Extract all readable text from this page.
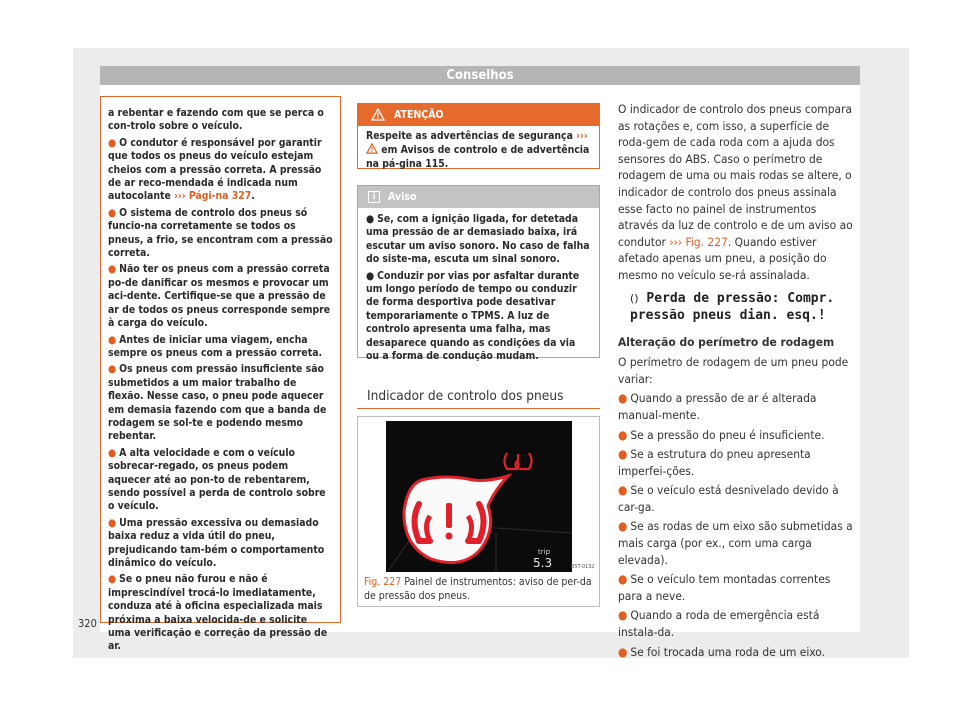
Conselhos

a rebentar e fazendo com que se perca o con-trolo sobre o veículo.

● O condutor é responsável por garantir que todos os pneus do veículo estejam cheios com a pressão correta. A pressão de ar reco-mendada é indicada num autocolante ››› Pági-na 327.

● O sistema de controlo dos pneus só funcio-na corretamente se todos os pneus, a frio, se encontram com a pressão correta.

● Não ter os pneus com a pressão correta po-de danificar os mesmos e provocar um aci-dente. Certifique-se que a pressão de ar de todos os pneus corresponde sempre à carga do veículo.

● Antes de iniciar uma viagem, encha sempre os pneus com a pressão correta.

● Os pneus com pressão insuficiente são submetidos a um maior trabalho de flexão. Nesse caso, o pneu pode aquecer em demasia fazendo com que a banda de rodagem se sol-te e podendo mesmo rebentar.

● A alta velocidade e com o veículo sobrecar-regado, os pneus podem aquecer até ao pon-to de rebentarem, sendo possível a perda de controlo sobre o veículo.

● Uma pressão excessiva ou demasiado baixa reduz a vida útil do pneu, prejudicando tam-bém o comportamento dinâmico do veículo.

● Se o pneu não furou e não é imprescindível trocá-lo imediatamente, conduza até à oficina especializada mais próxima a baixa velocida-de e solicite uma verificação e correção da pressão de ar.

ATENÇÃO
Respeite as advertências de segurança ›››  em Avisos de controlo e de advertência na pá-gina 115.
i	Aviso

● Se, com a ignição ligada, for detetada uma pressão de ar demasiado baixa, irá escutar um aviso sonoro. No caso de falha do siste-ma, escuta um sinal sonoro.

● Conduzir por vias por asfaltar durante um longo período de tempo ou conduzir de forma desportiva pode desativar temporariamente o TPMS. A luz de controlo apresenta uma falha, mas desaparece quando as condições da via ou a forma de condução mudam.

Indicador de controlo dos pneus
trip
5.3	B5T-0132
Fig. 227 Painel de instrumentos: aviso de per-da de pressão dos pneus.

O indicador de controlo dos pneus compara as rotações e, com isso, a superfície de roda-gem de cada roda com a ajuda dos sensores do ABS. Caso o perímetro de rodagem de uma ou mais rodas se altere, o indicador de controlo dos pneus assinala esse facto no painel de instrumentos através da luz de controlo e de um aviso ao condutor ››› Fig. 227. Quando estiver afetado apenas um pneu, a posição do mesmo no veículo se-rá assinalada.

() Perda de pressão: Compr.
pressão pneus dian. esq.!

Alteração do perímetro de rodagem

O perímetro de rodagem de um pneu pode variar:

● Quando a pressão de ar é alterada manual-mente.

● Se a pressão do pneu é insuficiente.

● Se a estrutura do pneu apresenta imperfei-ções.

● Se o veículo está desnivelado devido à car-ga.

● Se as rodas de um eixo são submetidas a mais carga (por ex., com uma carga elevada).

● Se o veículo tem montadas correntes para a neve.

● Quando a roda de emergência está instala-da.

● Se foi trocada uma roda de um eixo.

320
